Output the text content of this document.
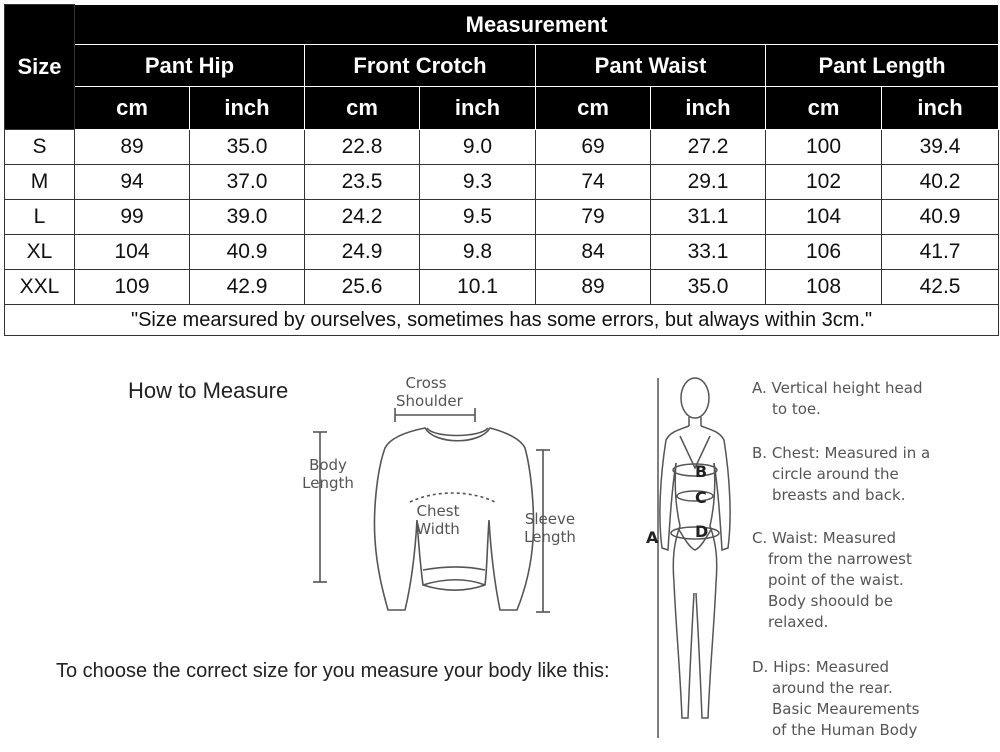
Size	Measurement							
	Pant Hip		Front Crotch		Pant Waist		Pant Length	
	cm	inch	cm	inch	cm	inch	cm	inch
S	89	35.0	22.8	9.0	69	27.2	100	39.4
M	94	37.0	23.5	9.3	74	29.1	102	40.2
L	99	39.0	24.2	9.5	79	31.1	104	40.9
XL	104	40.9	24.9	9.8	84	33.1	106	41.7
XXL	109	42.9	25.6	10.1	89	35.0	108	42.5
"Size mearsured by ourselves, sometimes has some errors, but always within 3cm."								
How to Measure	Cross
Shoulder
Body
Length
Chest
Width
Sleeve
Length
To choose the correct size for you measure your body like this:
A
B
C
D
A. Vertical height head
to toe.
B. Chest: Measured in a
circle around the
breasts and back.
C. Waist: Measured
from the narrowest
point of the waist.
Body shoould be
relaxed.
D. Hips: Measured
around the rear.
Basic Meaurements
of the Human Body
